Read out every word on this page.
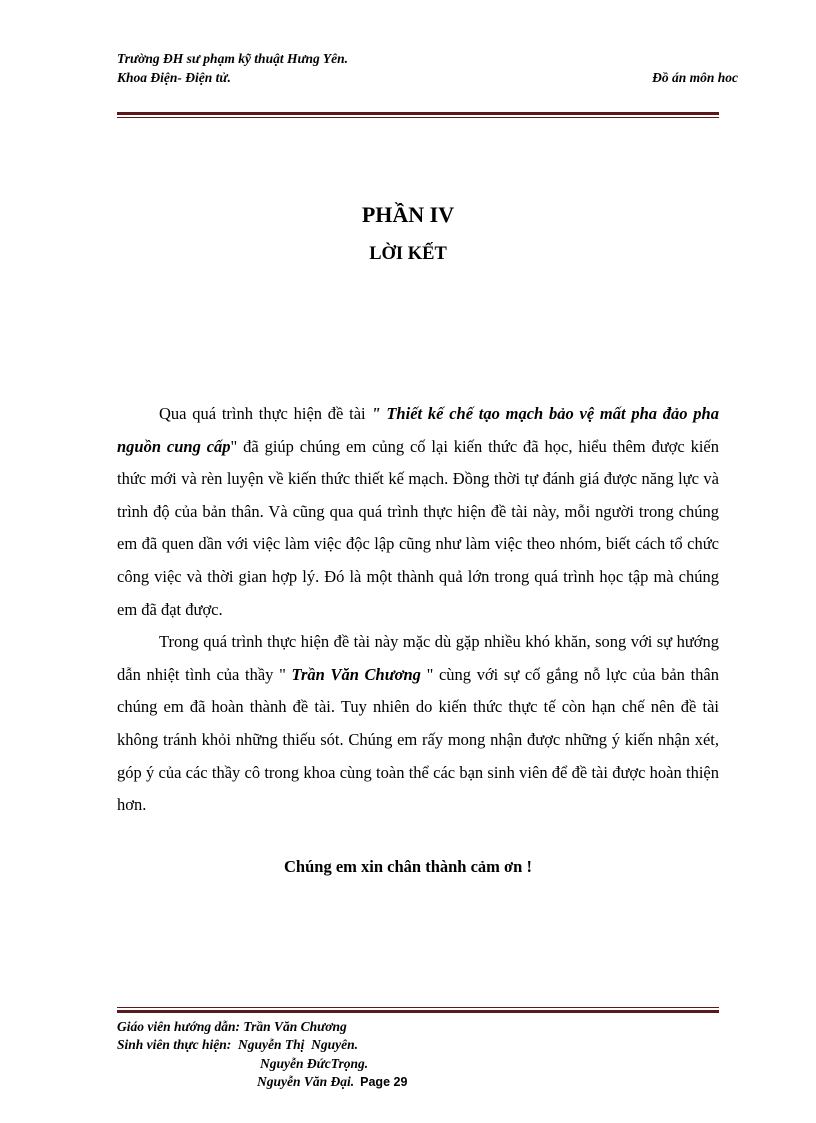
Trường ĐH sư phạm kỹ thuật Hưng Yên.
Khoa Điện- Điện tử.	Đồ án môn hoc
PHẦN IV
LỜI KẾT

Qua quá trình thực hiện đề tài " Thiết kế chế tạo mạch bảo vệ mất pha đảo pha nguồn cung cấp" đã giúp chúng em củng cố lại kiến thức đã học, hiểu thêm được kiến thức mới và rèn luyện về kiến thức thiết kế mạch. Đồng thời tự đánh giá được năng lực và trình độ của bản thân. Và cũng qua quá trình thực hiện đề tài này, mỗi người trong chúng em đã quen dần với việc làm việc độc lập cũng như làm việc theo nhóm, biết cách tổ chức công việc và thời gian hợp lý. Đó là một thành quả lớn trong quá trình học tập mà chúng em đã đạt được.

Trong quá trình thực hiện đề tài này mặc dù gặp nhiều khó khăn, song với sự hướng dẫn nhiệt tình của thầy " Trần Văn Chương " cùng với sự cố gắng nỗ lực của bản thân chúng em đã hoàn thành đề tài. Tuy nhiên do kiến thức thực tế còn hạn chế nên đề tài không tránh khỏi những thiếu sót. Chúng em rấy mong nhận được những ý kiến nhận xét, góp ý của các thầy cô trong khoa cùng toàn thể các bạn sinh viên để đề tài được hoàn thiện hơn.

Chúng em xin chân thành cảm ơn !
Giáo viên hướng dẫn: Trần Văn Chương
Sinh viên thực hiện:  Nguyễn Thị  Nguyên.
Nguyễn ĐứcTrọng.
Nguyễn Văn Đại. Page 29
